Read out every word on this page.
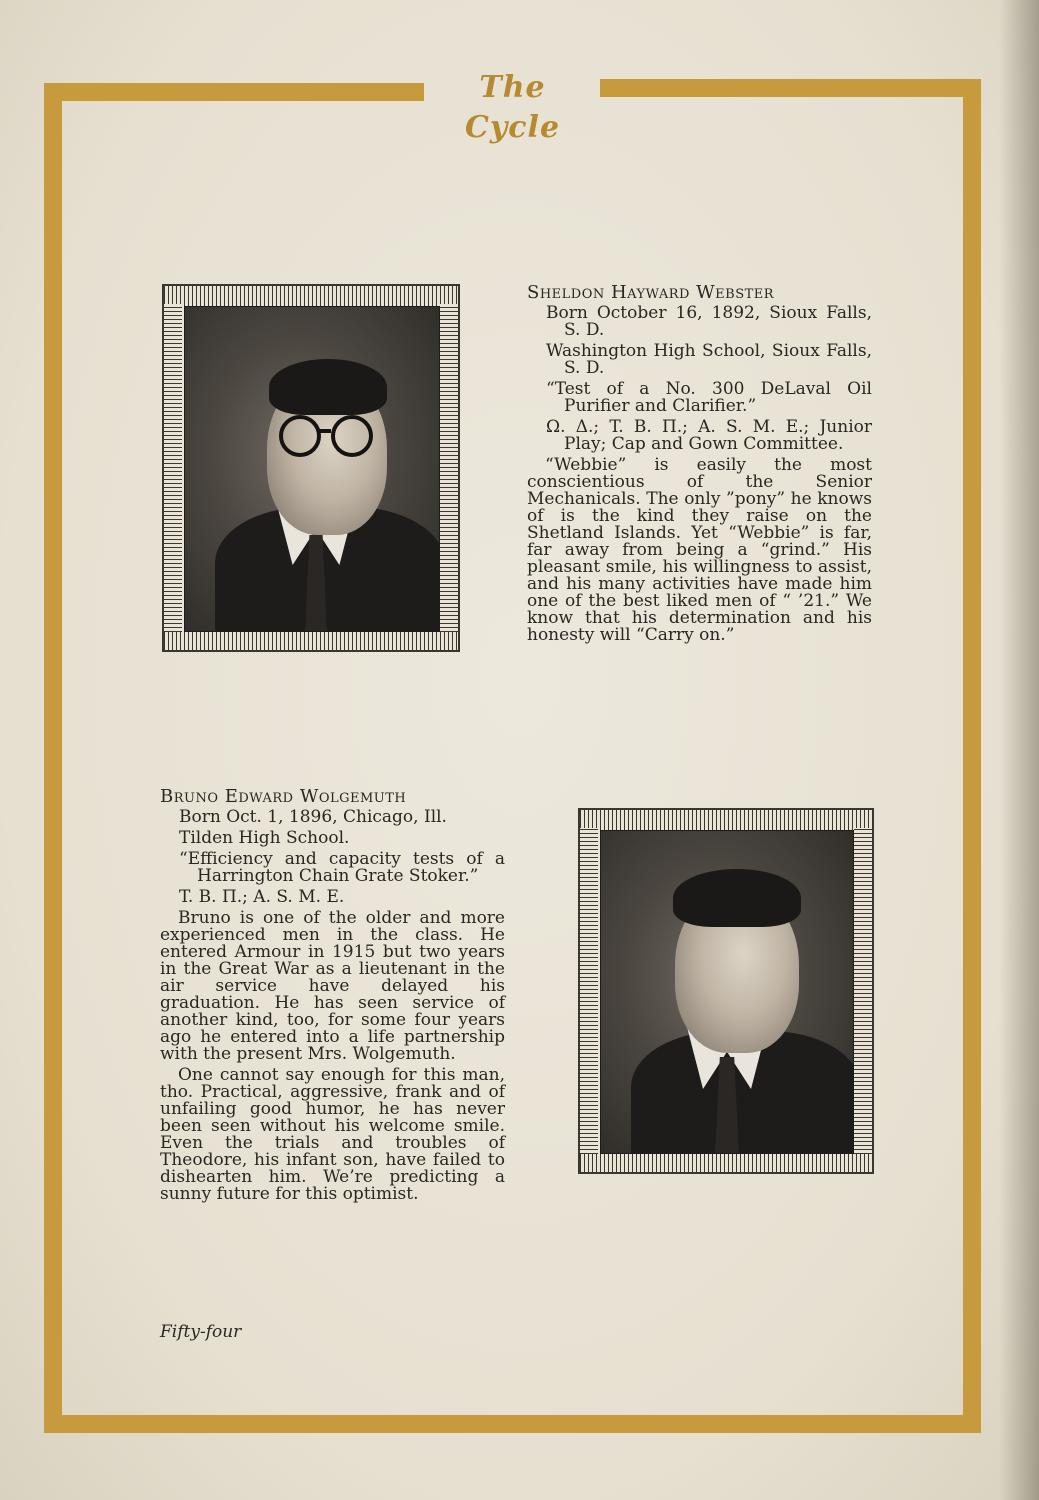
The Cycle
Sheldon Hayward Webster
Born October 16, 1892, Sioux Falls, S. D.
Washington High School, Sioux Falls, S. D.
“Test of a No. 300 DeLaval Oil Purifier and Clarifier.”
Ω. Δ.; T. B. Π.; A. S. M. E.; Junior Play; Cap and Gown Committee.
“Webbie” is easily the most conscientious of the Senior Mechanicals. The only ”pony” he knows of is the kind they raise on the Shetland Islands. Yet “Webbie” is far, far away from being a “grind.” His pleasant smile, his willingness to assist, and his many activities have made him one of the best liked men of “ ’21.” We know that his determination and his honesty will “Carry on.”
Bruno Edward Wolgemuth
Born Oct. 1, 1896, Chicago, Ill.
Tilden High School.
“Efficiency and capacity tests of a Harrington Chain Grate Stoker.”
T. B. Π.; A. S. M. E.
Bruno is one of the older and more experienced men in the class. He entered Armour in 1915 but two years in the Great War as a lieutenant in the air service have delayed his graduation. He has seen service of another kind, too, for some four years ago he entered into a life partnership with the present Mrs. Wolgemuth.
One cannot say enough for this man, tho. Practical, aggressive, frank and of unfailing good humor, he has never been seen without his welcome smile. Even the trials and troubles of Theodore, his infant son, have failed to dishearten him. We’re predicting a sunny future for this optimist.
Fifty-four
